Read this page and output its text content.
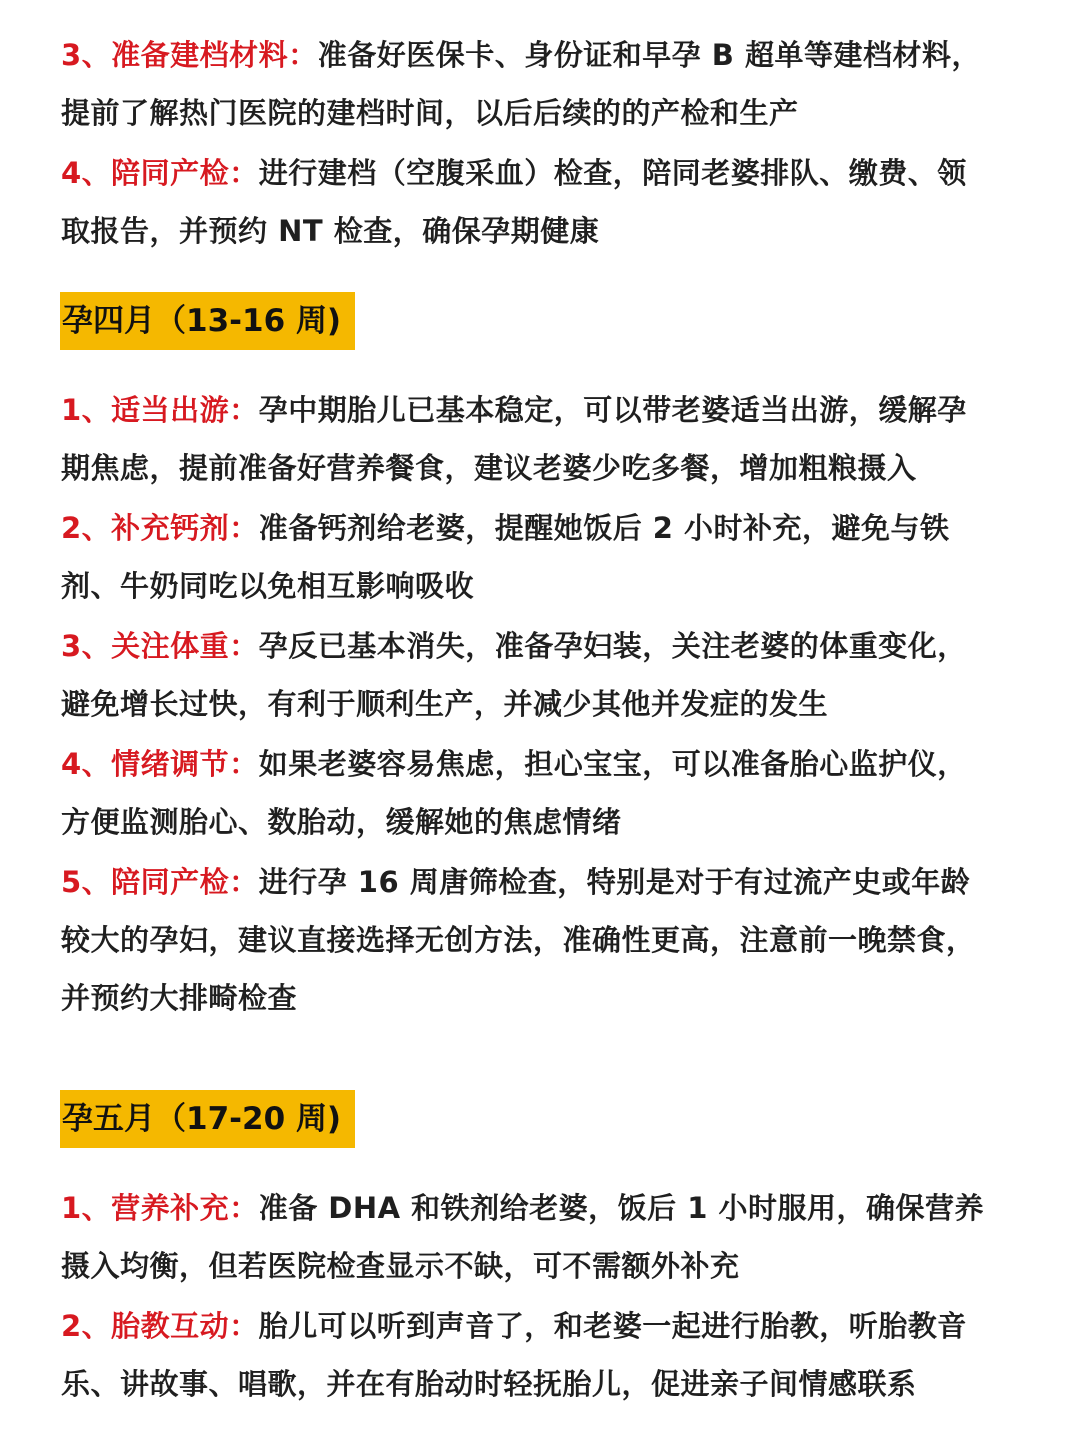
3、准备建档材料：准备好医保卡、身份证和早孕 B 超单等建档材料，提前了解热门医院的建档时间，以后后续的的产检和生产

4、陪同产检：进行建档（空腹采血）检查，陪同老婆排队、缴费、领取报告，并预约 NT 检查，确保孕期健康

孕四月（13-16 周)

1、适当出游：孕中期胎儿已基本稳定，可以带老婆适当出游，缓解孕期焦虑，提前准备好营养餐食，建议老婆少吃多餐，增加粗粮摄入

2、补充钙剂：准备钙剂给老婆，提醒她饭后 2 小时补充，避免与铁剂、牛奶同吃以免相互影响吸收

3、关注体重：孕反已基本消失，准备孕妇装，关注老婆的体重变化，避免增长过快，有利于顺利生产，并减少其他并发症的发生

4、情绪调节：如果老婆容易焦虑，担心宝宝，可以准备胎心监护仪，方便监测胎心、数胎动，缓解她的焦虑情绪

5、陪同产检：进行孕 16 周唐筛检查，特别是对于有过流产史或年龄较大的孕妇，建议直接选择无创方法，准确性更高，注意前一晚禁食，并预约大排畸检查

孕五月（17-20 周)

1、营养补充：准备 DHA 和铁剂给老婆，饭后 1 小时服用，确保营养摄入均衡，但若医院检查显示不缺，可不需额外补充

2、胎教互动：胎儿可以听到声音了，和老婆一起进行胎教，听胎教音乐、讲故事、唱歌，并在有胎动时轻抚胎儿，促进亲子间情感联系
